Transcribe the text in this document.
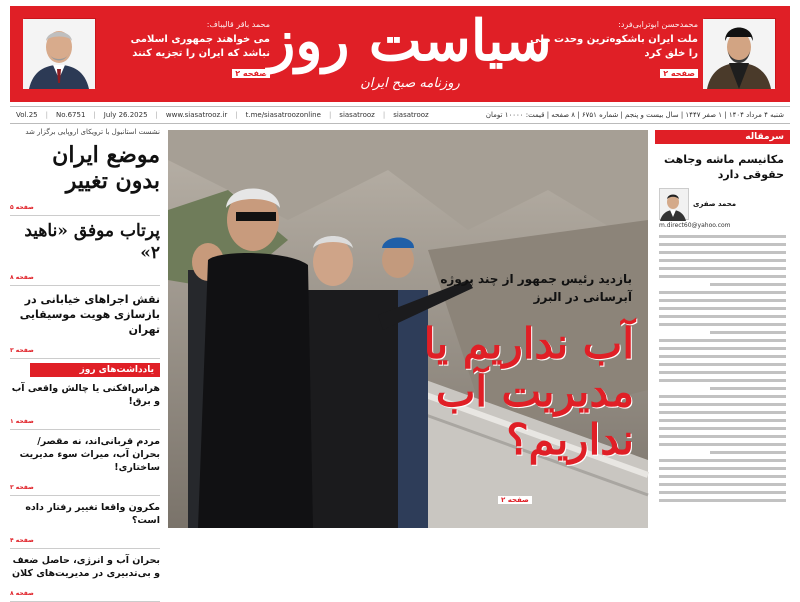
محمد باقر قالیباف:
می خواهند جمهوری اسلامی نباشد که ایران را تجزیه کنند
صفحه ۲ سیاست روز
روزنامه صبح ایران
محمدحسن ابوترابی‌فرد:
ملت ایران باشکوه‌ترین وحدت ملی را خلق کرد
صفحه ۲
شنبه ۴ مرداد ۱۴۰۴ | ۱ صفر ۱۴۴۷ | سال بیست و پنجم | شماره ۶۷۵۱ | ۸ صفحه | قیمت: ۱۰۰۰۰ تومان
Vol.25 | No.6751 | July 26.2025 | www.siasatrooz.ir | t.me/siasatroozonline | siasatrooz | siasatrooz
سرمقاله
مکانیسم ماشه وجاهت حقوقی دارد
محمد صفری
m.direct60@yahoo.com
بازدید رئیس جمهور از چند پروژه آبرسانی در البرز
آب نداریم یا مدیریت آب نداریم؟
صفحه ۲
نشست استانبول با ترویکای اروپایی برگزار شد
موضع ایران بدون تغییر
صفحه ۵
پرتاب موفق «ناهید ۲»
صفحه ۸
نقش اجراهای خیابانی در بازسازی هویت موسیقایی تهران
صفحه ۳
یادداشت‌های روز
هراس‌افکنی یا چالش واقعی آب و برق!
صفحه ۱
مردم قربانی‌اند، نه مقصر/بحران آب، میراث سوء مدیریت ساختاری!
صفحه ۳
مکرون واقعا تغییر رفتار داده است؟
صفحه ۴
بحران آب و انرژی، حاصل ضعف و بی‌تدبیری در مدیریت‌های کلان
صفحه ۸
